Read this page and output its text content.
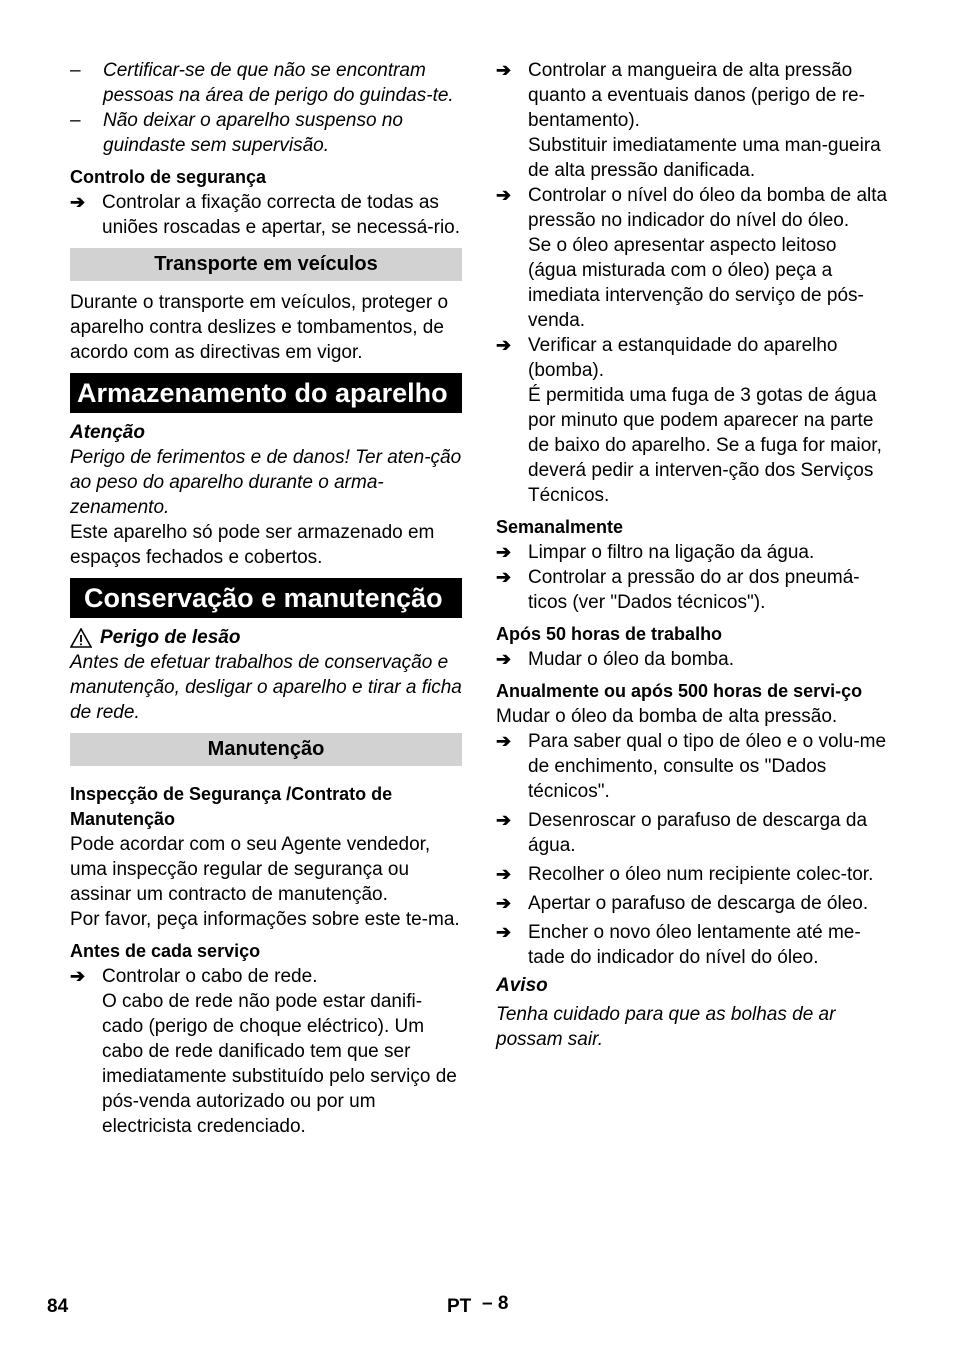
– Certificar-se de que não se encontram pessoas na área de perigo do guindas-te.
– Não deixar o aparelho suspenso no guindaste sem supervisão.
Controlo de segurança
➔ Controlar a fixação correcta de todas as uniões roscadas e apertar, se necessá-rio.
Transporte em veículos

Durante o transporte em veículos, proteger o aparelho contra deslizes e tombamentos, de acordo com as directivas em vigor.

Armazenamento do aparelho
Atenção

Perigo de ferimentos e de danos! Ter aten-ção ao peso do aparelho durante o arma-zenamento.

Este aparelho só pode ser armazenado em espaços fechados e cobertos.

Conservação e manutenção
Perigo de lesão

Antes de efetuar trabalhos de conservação e manutenção, desligar o aparelho e tirar a ficha de rede.

Manutenção
Inspecção de Segurança /Contrato de Manutenção

Pode acordar com o seu Agente vendedor, uma inspecção regular de segurança ou assinar um contracto de manutenção.

Por favor, peça informações sobre este te-ma.

Antes de cada serviço
➔ Controlar o cabo de rede.
O cabo de rede não pode estar danifi-cado (perigo de choque eléctrico). Um cabo de rede danificado tem que ser imediatamente substituído pelo serviço de pós-venda autorizado ou por um electricista credenciado.
➔ Controlar a mangueira de alta pressão quanto a eventuais danos (perigo de re-bentamento).
Substituir imediatamente uma man-gueira de alta pressão danificada.
➔ Controlar o nível do óleo da bomba de alta pressão no indicador do nível do óleo.
Se o óleo apresentar aspecto leitoso (água misturada com o óleo) peça a imediata intervenção do serviço de pós-venda.
➔ Verificar a estanquidade do aparelho (bomba).
É permitida uma fuga de 3 gotas de água por minuto que podem aparecer na parte de baixo do aparelho. Se a fuga for maior, deverá pedir a interven-ção dos Serviços Técnicos.
Semanalmente
➔ Limpar o filtro na ligação da água.
➔ Controlar a pressão do ar dos pneumá-ticos (ver "Dados técnicos").
Após 50 horas de trabalho
➔ Mudar o óleo da bomba.
Anualmente ou após 500 horas de servi-ço

Mudar o óleo da bomba de alta pressão.

➔ Para saber qual o tipo de óleo e o volu-me de enchimento, consulte os "Dados técnicos".
➔ Desenroscar o parafuso de descarga da água.
➔ Recolher o óleo num recipiente colec-tor.
➔ Apertar o parafuso de descarga de óleo.
➔ Encher o novo óleo lentamente até me-tade do indicador do nível do óleo.
Aviso

Tenha cuidado para que as bolhas de ar possam sair.

84	PT – 8
